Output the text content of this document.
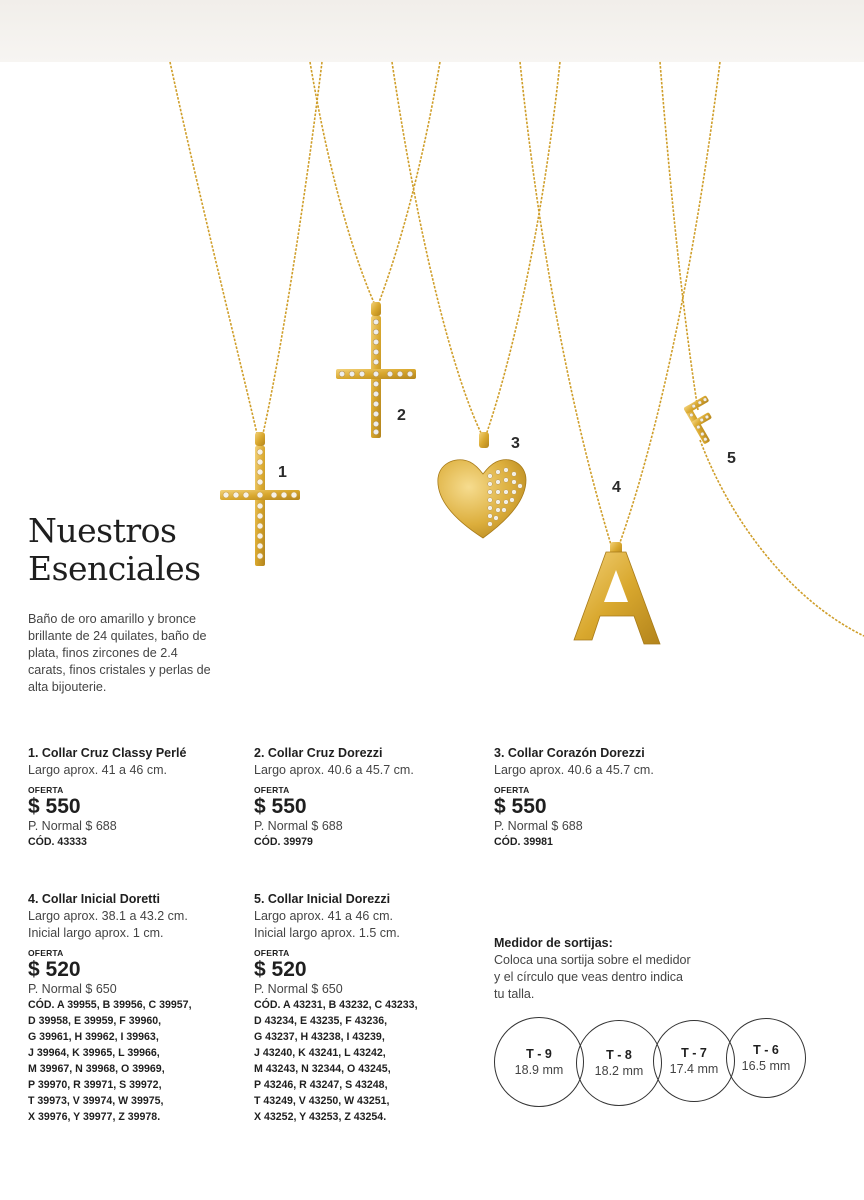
A
F
1
2
3
4
5
Nuestros
Esenciales
Baño de oro amarillo y bronce brillante de 24 quilates, baño de plata, finos zircones de 2.4 carats, finos cristales y perlas de alta bijouterie.
1. Collar Cruz Classy Perlé
Largo aprox. 41 a 46 cm.
OFERTA
$ 550
P. Normal $ 688
CÓD. 43333
2. Collar Cruz Dorezzi
Largo aprox. 40.6 a 45.7 cm.
OFERTA
$ 550
P. Normal $ 688
CÓD. 39979
3. Collar Corazón Dorezzi
Largo aprox. 40.6 a 45.7 cm.
OFERTA
$ 550
P. Normal $ 688
CÓD. 39981
4. Collar Inicial Doretti
Largo aprox. 38.1 a 43.2 cm.
Inicial largo aprox. 1 cm.
OFERTA
$ 520
P. Normal $ 650
CÓD. A 39955, B 39956, C 39957,
D 39958, E 39959, F 39960,
G 39961, H 39962, I 39963,
J 39964, K 39965, L 39966,
M 39967, N 39968, O 39969,
P 39970, R 39971, S 39972,
T 39973, V 39974, W 39975,
X 39976, Y 39977, Z 39978.
5. Collar Inicial Dorezzi
Largo aprox. 41 a 46 cm.
Inicial largo aprox. 1.5 cm.
OFERTA
$ 520
P. Normal $ 650
CÓD. A 43231, B 43232, C 43233,
D 43234, E 43235, F 43236,
G 43237, H 43238, I 43239,
J 43240, K 43241, L 43242,
M 43243, N 32344, O 43245,
P 43246, R 43247, S 43248,
T 43249, V 43250, W 43251,
X 43252, Y 43253, Z 43254.
Medidor de sortijas:
Coloca una sortija sobre el medidor y el círculo que veas dentro indica tu talla.
T - 9
18.9 mm
T - 8
18.2 mm
T - 7
17.4 mm
T - 6
16.5 mm
